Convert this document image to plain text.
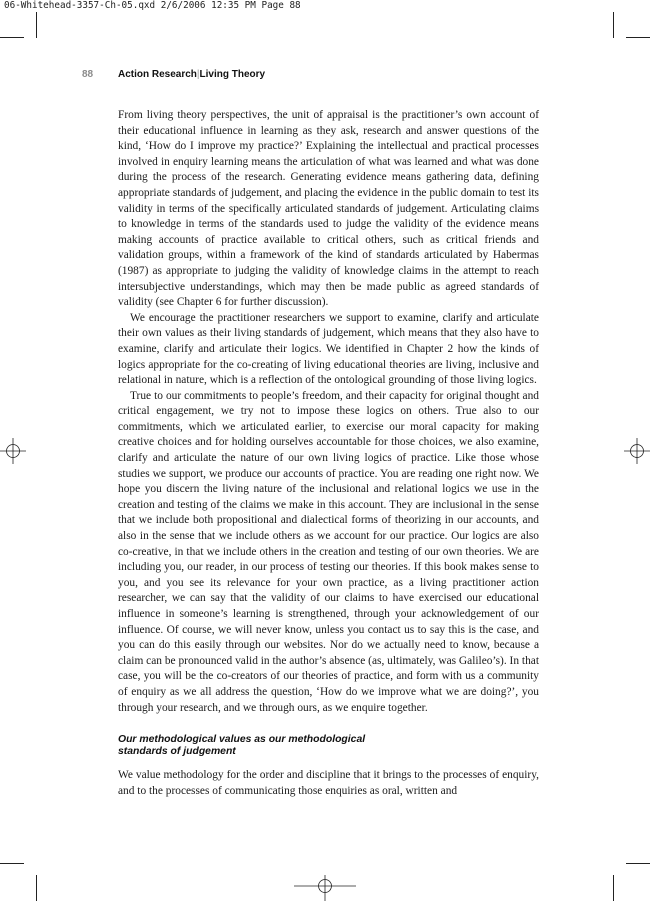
06-Whitehead-3357-Ch-05.qxd 2/6/2006 12:35 PM Page 88
88 Action Research|Living Theory

From living theory perspectives, the unit of appraisal is the practitioner’s own account of their educational influence in learning as they ask, research and answer questions of the kind, ‘How do I improve my practice?’ Explaining the intellectual and practical processes involved in enquiry learning means the articulation of what was learned and what was done during the process of the research. Generating evidence means gathering data, defining appropriate standards of judgement, and placing the evidence in the public domain to test its validity in terms of the specifically articulated standards of judgement. Articulating claims to knowledge in terms of the standards used to judge the validity of the evidence means making accounts of practice available to critical others, such as critical friends and validation groups, within a framework of the kind of standards articulated by Habermas (1987) as appropriate to judging the validity of knowledge claims in the attempt to reach intersubjective understandings, which may then be made public as agreed standards of validity (see Chapter 6 for further discussion).

We encourage the practitioner researchers we support to examine, clarify and articulate their own values as their living standards of judgement, which means that they also have to examine, clarify and articulate their logics. We identified in Chapter 2 how the kinds of logics appropriate for the co-creating of living educational theories are living, inclusive and relational in nature, which is a reflection of the ontological grounding of those living logics.

True to our commitments to people’s freedom, and their capacity for original thought and critical engagement, we try not to impose these logics on others. True also to our commitments, which we articulated earlier, to exercise our moral capacity for making creative choices and for holding ourselves accountable for those choices, we also examine, clarify and articulate the nature of our own living logics of practice. Like those whose studies we support, we produce our accounts of practice. You are reading one right now. We hope you discern the living nature of the inclusional and relational logics we use in the creation and testing of the claims we make in this account. They are inclusional in the sense that we include both propositional and dialectical forms of theorizing in our accounts, and also in the sense that we include others as we account for our practice. Our logics are also co-creative, in that we include others in the creation and testing of our own theories. We are including you, our reader, in our process of testing our theories. If this book makes sense to you, and you see its relevance for your own practice, as a living practitioner action researcher, we can say that the validity of our claims to have exercised our educational influence in someone’s learning is strengthened, through your acknowledgement of our influence. Of course, we will never know, unless you contact us to say this is the case, and you can do this easily through our websites. Nor do we actually need to know, because a claim can be pronounced valid in the author’s absence (as, ultimately, was Galileo’s). In that case, you will be the co-creators of our theories of practice, and form with us a community of enquiry as we all address the question, ‘How do we improve what we are doing?’, you through your research, and we through ours, as we enquire together.

Our methodological values as our methodological
standards of judgement

We value methodology for the order and discipline that it brings to the processes of enquiry, and to the processes of communicating those enquiries as oral, written and
